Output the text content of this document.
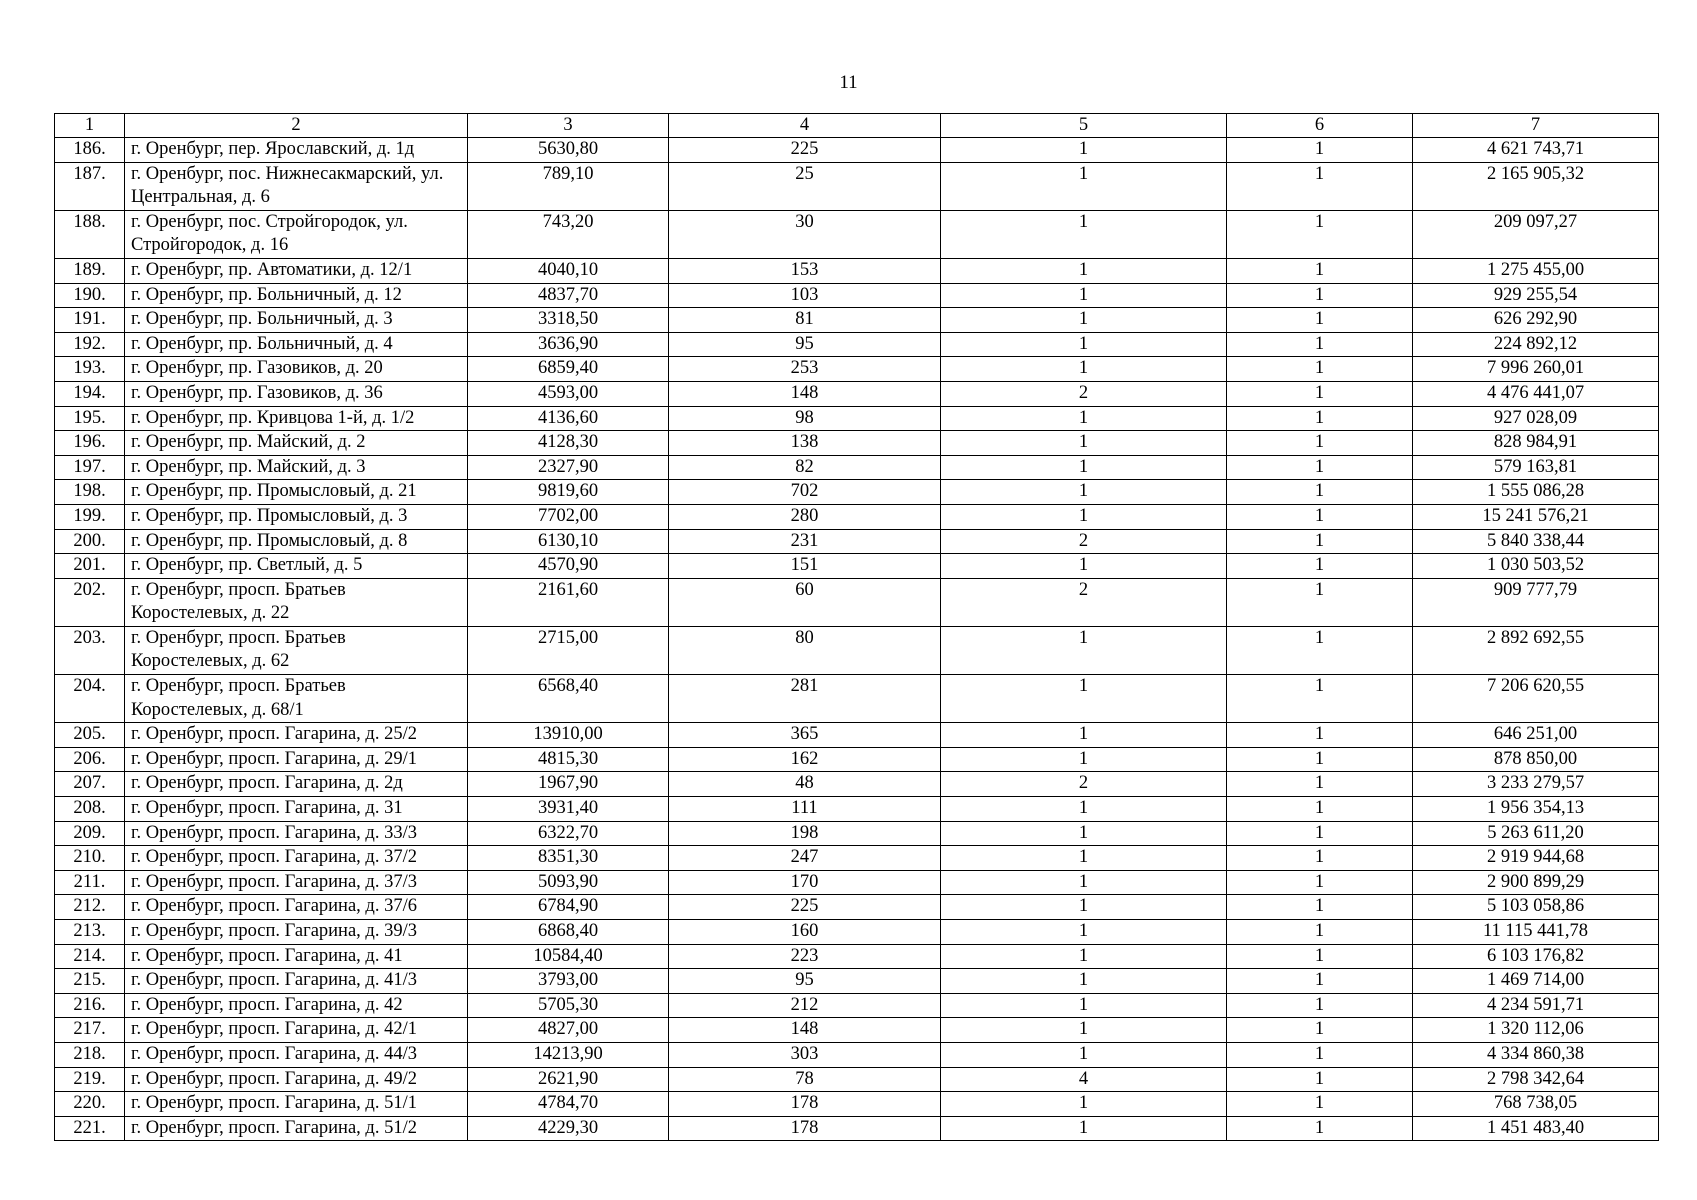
11
1	2	3	4	5	6	7
186.	г. Оренбург, пер. Ярославский, д. 1д	5630,80	225	1	1	4 621 743,71
187.	г. Оренбург, пос. Нижнесакмарский, ул. Центральная, д. 6	789,10	25	1	1	2 165 905,32
188.	г. Оренбург, пос. Стройгородок, ул. Стройгородок, д. 16	743,20	30	1	1	209 097,27
189.	г. Оренбург, пр. Автоматики, д. 12/1	4040,10	153	1	1	1 275 455,00
190.	г. Оренбург, пр. Больничный, д. 12	4837,70	103	1	1	929 255,54
191.	г. Оренбург, пр. Больничный, д. 3	3318,50	81	1	1	626 292,90
192.	г. Оренбург, пр. Больничный, д. 4	3636,90	95	1	1	224 892,12
193.	г. Оренбург, пр. Газовиков, д. 20	6859,40	253	1	1	7 996 260,01
194.	г. Оренбург, пр. Газовиков, д. 36	4593,00	148	2	1	4 476 441,07
195.	г. Оренбург, пр. Кривцова 1-й, д. 1/2	4136,60	98	1	1	927 028,09
196.	г. Оренбург, пр. Майский, д. 2	4128,30	138	1	1	828 984,91
197.	г. Оренбург, пр. Майский, д. 3	2327,90	82	1	1	579 163,81
198.	г. Оренбург, пр. Промысловый, д. 21	9819,60	702	1	1	1 555 086,28
199.	г. Оренбург, пр. Промысловый, д. 3	7702,00	280	1	1	15 241 576,21
200.	г. Оренбург, пр. Промысловый, д. 8	6130,10	231	2	1	5 840 338,44
201.	г. Оренбург, пр. Светлый, д. 5	4570,90	151	1	1	1 030 503,52
202.	г. Оренбург, просп. Братьев Коростелевых, д. 22	2161,60	60	2	1	909 777,79
203.	г. Оренбург, просп. Братьев Коростелевых, д. 62	2715,00	80	1	1	2 892 692,55
204.	г. Оренбург, просп. Братьев Коростелевых, д. 68/1	6568,40	281	1	1	7 206 620,55
205.	г. Оренбург, просп. Гагарина, д. 25/2	13910,00	365	1	1	646 251,00
206.	г. Оренбург, просп. Гагарина, д. 29/1	4815,30	162	1	1	878 850,00
207.	г. Оренбург, просп. Гагарина, д. 2д	1967,90	48	2	1	3 233 279,57
208.	г. Оренбург, просп. Гагарина, д. 31	3931,40	111	1	1	1 956 354,13
209.	г. Оренбург, просп. Гагарина, д. 33/3	6322,70	198	1	1	5 263 611,20
210.	г. Оренбург, просп. Гагарина, д. 37/2	8351,30	247	1	1	2 919 944,68
211.	г. Оренбург, просп. Гагарина, д. 37/3	5093,90	170	1	1	2 900 899,29
212.	г. Оренбург, просп. Гагарина, д. 37/6	6784,90	225	1	1	5 103 058,86
213.	г. Оренбург, просп. Гагарина, д. 39/3	6868,40	160	1	1	11 115 441,78
214.	г. Оренбург, просп. Гагарина, д. 41	10584,40	223	1	1	6 103 176,82
215.	г. Оренбург, просп. Гагарина, д. 41/3	3793,00	95	1	1	1 469 714,00
216.	г. Оренбург, просп. Гагарина, д. 42	5705,30	212	1	1	4 234 591,71
217.	г. Оренбург, просп. Гагарина, д. 42/1	4827,00	148	1	1	1 320 112,06
218.	г. Оренбург, просп. Гагарина, д. 44/3	14213,90	303	1	1	4 334 860,38
219.	г. Оренбург, просп. Гагарина, д. 49/2	2621,90	78	4	1	2 798 342,64
220.	г. Оренбург, просп. Гагарина, д. 51/1	4784,70	178	1	1	768 738,05
221.	г. Оренбург, просп. Гагарина, д. 51/2	4229,30	178	1	1	1 451 483,40
